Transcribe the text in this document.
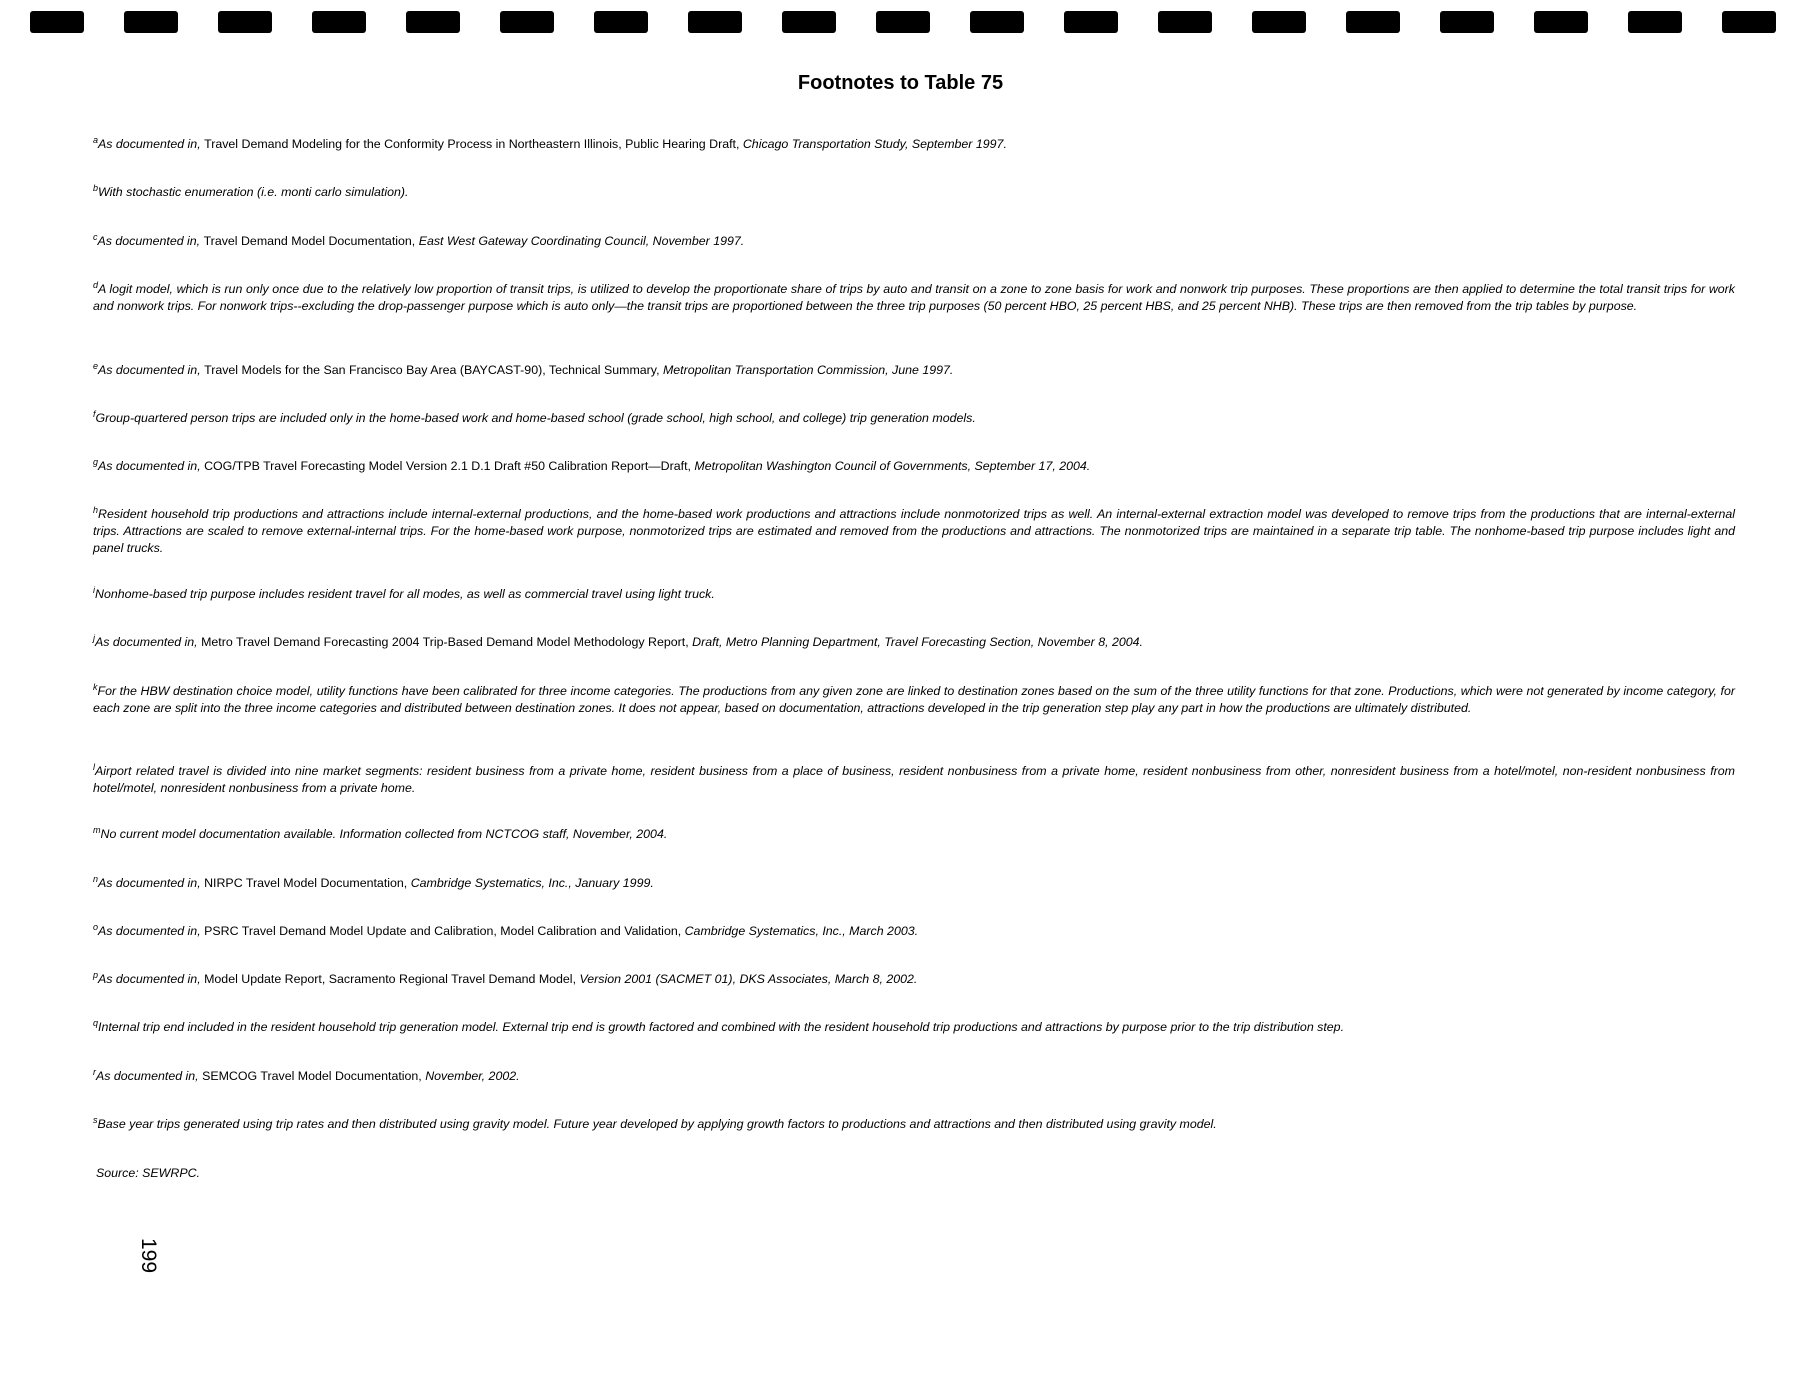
Footnotes to Table 75
$^a$As documented in, Travel Demand Modeling for the Conformity Process in Northeastern Illinois, Public Hearing Draft, Chicago Transportation Study, September 1997.
$^b$With stochastic enumeration (i.e. monti carlo simulation).
$^c$As documented in, Travel Demand Model Documentation, East West Gateway Coordinating Council, November 1997.
$^d$A logit model, which is run only once due to the relatively low proportion of transit trips, is utilized to develop the proportionate share of trips by auto and transit on a zone to zone basis for work and nonwork trip purposes. These proportions are then applied to determine the total transit trips for work and nonwork trips. For nonwork trips--excluding the drop-passenger purpose which is auto only—the transit trips are proportioned between the three trip purposes (50 percent HBO, 25 percent HBS, and 25 percent NHB). These trips are then removed from the trip tables by purpose.
$^e$As documented in, Travel Models for the San Francisco Bay Area (BAYCAST-90), Technical Summary, Metropolitan Transportation Commission, June 1997.
$^f$Group-quartered person trips are included only in the home-based work and home-based school (grade school, high school, and college) trip generation models.
$^g$As documented in, COG/TPB Travel Forecasting Model Version 2.1 D.1 Draft #50 Calibration Report—Draft, Metropolitan Washington Council of Governments, September 17, 2004.
$^h$Resident household trip productions and attractions include internal-external productions, and the home-based work productions and attractions include nonmotorized trips as well. An internal-external extraction model was developed to remove trips from the productions that are internal-external trips. Attractions are scaled to remove external-internal trips. For the home-based work purpose, nonmotorized trips are estimated and removed from the productions and attractions. The nonmotorized trips are maintained in a separate trip table. The nonhome-based trip purpose includes light and panel trucks.
$^i$Nonhome-based trip purpose includes resident travel for all modes, as well as commercial travel using light truck.
$^j$As documented in, Metro Travel Demand Forecasting 2004 Trip-Based Demand Model Methodology Report, Draft, Metro Planning Department, Travel Forecasting Section, November 8, 2004.
$^k$For the HBW destination choice model, utility functions have been calibrated for three income categories. The productions from any given zone are linked to destination zones based on the sum of the three utility functions for that zone. Productions, which were not generated by income category, for each zone are split into the three income categories and distributed between destination zones. It does not appear, based on documentation, attractions developed in the trip generation step play any part in how the productions are ultimately distributed.
$^l$Airport related travel is divided into nine market segments: resident business from a private home, resident business from a place of business, resident nonbusiness from a private home, resident nonbusiness from other, nonresident business from a hotel/motel, non-resident nonbusiness from hotel/motel, nonresident nonbusiness from a private home.
$^m$No current model documentation available. Information collected from NCTCOG staff, November, 2004.
$^n$As documented in, NIRPC Travel Model Documentation, Cambridge Systematics, Inc., January 1999.
$^o$As documented in, PSRC Travel Demand Model Update and Calibration, Model Calibration and Validation, Cambridge Systematics, Inc., March 2003.
$^p$As documented in, Model Update Report, Sacramento Regional Travel Demand Model, Version 2001 (SACMET 01), DKS Associates, March 8, 2002.
$^q$Internal trip end included in the resident household trip generation model. External trip end is growth factored and combined with the resident household trip productions and attractions by purpose prior to the trip distribution step.
$^r$As documented in, SEMCOG Travel Model Documentation, November, 2002.
$^s$Base year trips generated using trip rates and then distributed using gravity model. Future year developed by applying growth factors to productions and attractions and then distributed using gravity model.
Source: SEWRPC.
199
